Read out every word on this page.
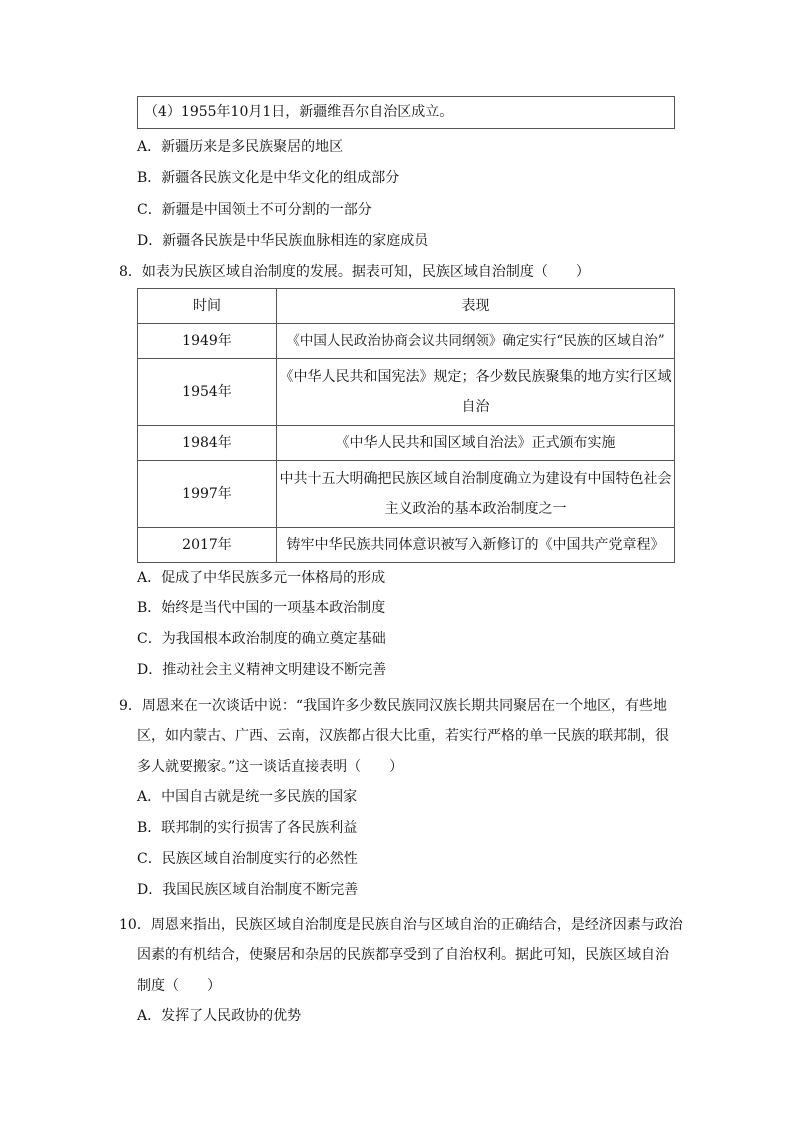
（4）1955年10月1日，新疆维吾尔自治区成立。
A．新疆历来是多民族聚居的地区
B．新疆各民族文化是中华文化的组成部分
C．新疆是中国领土不可分割的一部分
D．新疆各民族是中华民族血脉相连的家庭成员
8．如表为民族区域自治制度的发展。据表可知，民族区域自治制度（　　）
时间	表现
1949年	《中国人民政治协商会议共同纲领》确定实行“民族的区域自治”

1954年	《中华人民共和国宪法》规定；各少数民族聚集的地方实行区域
自治

1984年	《中华人民共和国区域自治法》正式颁布实施

1997年	中共十五大明确把民族区域自治制度确立为建设有中国特色社会
主义政治的基本政治制度之一

2017年	铸牢中华民族共同体意识被写入新修订的《中国共产党章程》
A．促成了中华民族多元一体格局的形成
B．始终是当代中国的一项基本政治制度
C．为我国根本政治制度的确立奠定基础
D．推动社会主义精神文明建设不断完善
9．周恩来在一次谈话中说：“我国许多少数民族同汉族长期共同聚居在一个地区，有些地
区，如内蒙古、广西、云南，汉族都占很大比重，若实行严格的单一民族的联邦制，很
多人就要搬家。”这一谈话直接表明（　　）
A．中国自古就是统一多民族的国家
B．联邦制的实行损害了各民族利益
C．民族区域自治制度实行的必然性
D．我国民族区域自治制度不断完善
10．周恩来指出，民族区域自治制度是民族自治与区域自治的正确结合，是经济因素与政治
因素的有机结合，使聚居和杂居的民族都享受到了自治权利。据此可知，民族区域自治
制度（　　）
A．发挥了人民政协的优势
